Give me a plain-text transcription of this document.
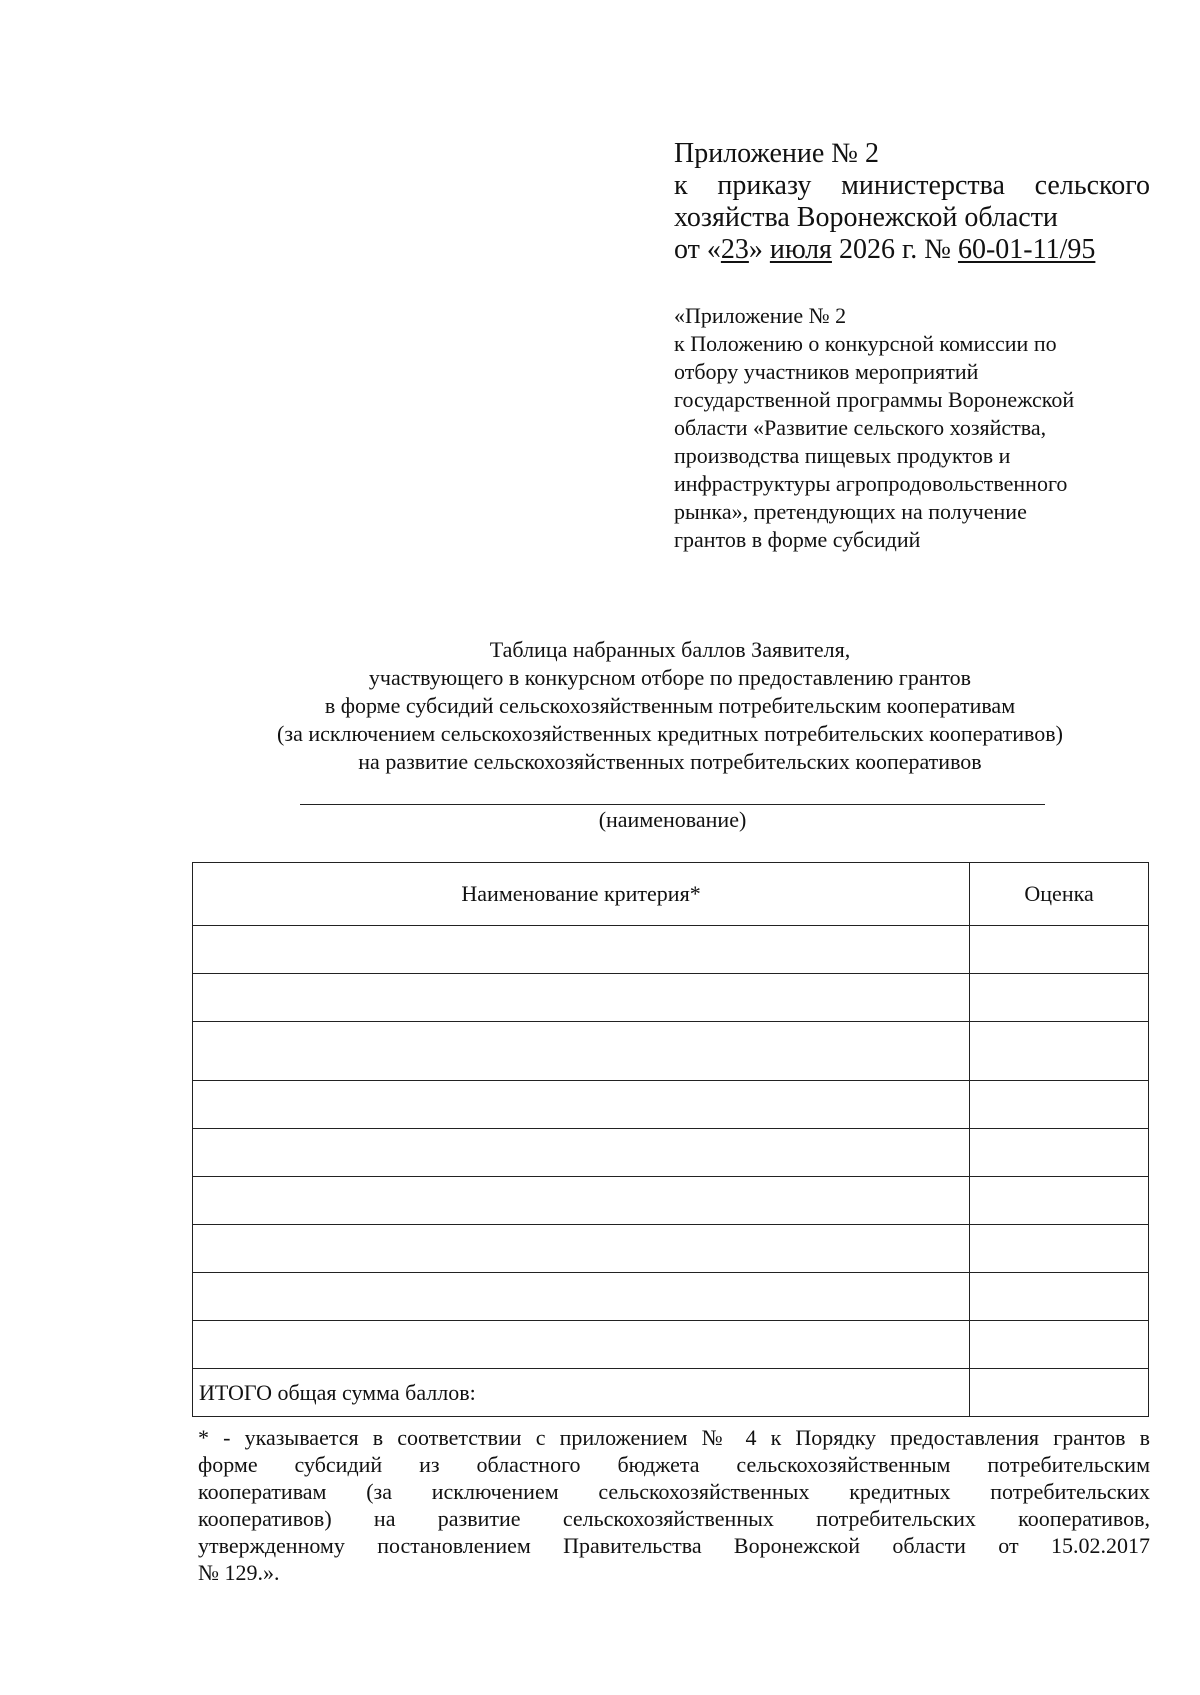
Приложение № 2
к приказу министерства сельского
хозяйства Воронежской области
от «23» июля 2026 г. № 60-01-11/95
«Приложение № 2
к Положению о конкурсной комиссии по
отбору участников мероприятий
государственной программы Воронежской
области «Развитие сельского хозяйства,
производства пищевых продуктов и
инфраструктуры агропродовольственного
рынка», претендующих на получение
грантов в форме субсидий
Таблица набранных баллов Заявителя,
участвующего в конкурсном отборе по предоставлению грантов
в форме субсидий сельскохозяйственным потребительским кооперативам
(за исключением сельскохозяйственных кредитных потребительских кооперативов)
на развитие сельскохозяйственных потребительских кооперативов
(наименование)
Наименование критерия*	Оценка

ИТОГО общая сумма баллов:	
* - указывается в соответствии с приложением № 4 к Порядку предоставления грантов в
форме субсидий из областного бюджета сельскохозяйственным потребительским
кооперативам (за исключением сельскохозяйственных кредитных потребительских
кооперативов) на развитие сельскохозяйственных потребительских кооперативов,
утвержденному постановлением Правительства Воронежской области от 15.02.2017
№ 129.».
